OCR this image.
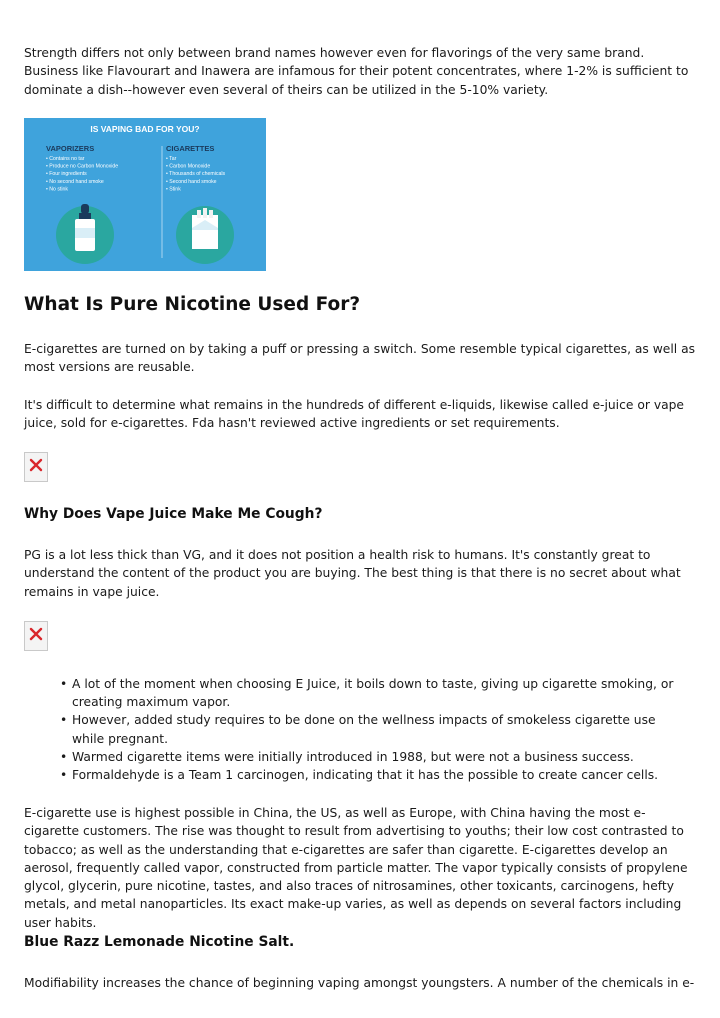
Strength differs not only between brand names however even for flavorings of the very same brand. Business like Flavourart and Inawera are infamous for their potent concentrates, where 1-2% is sufficient to dominate a dish--however even several of theirs can be utilized in the 5-10% variety.

IS VAPING BAD FOR YOU?
VAPORIZERS	CIGARETTES
• Contains no tar
• Produce no Carbon Monoxide
• Four ingredients
• No second hand smoke
• No stink
• Tar
• Carbon Monoxide
• Thousands of chemicals
• Second hand smoke
• Stink
What Is Pure Nicotine Used For?

E-cigarettes are turned on by taking a puff or pressing a switch. Some resemble typical cigarettes, as well as most versions are reusable.

It's difficult to determine what remains in the hundreds of different e-liquids, likewise called e-juice or vape juice, sold for e-cigarettes. Fda hasn't reviewed active ingredients or set requirements.

Why Does Vape Juice Make Me Cough?

PG is a lot less thick than VG, and it does not position a health risk to humans. It's constantly great to understand the content of the product you are buying. The best thing is that there is no secret about what remains in vape juice.

• A lot of the moment when choosing E Juice, it boils down to taste, giving up cigarette smoking, or creating maximum vapor.
• However, added study requires to be done on the wellness impacts of smokeless cigarette use while pregnant.
• Warmed cigarette items were initially introduced in 1988, but were not a business success.
• Formaldehyde is a Team 1 carcinogen, indicating that it has the possible to create cancer cells.

E-cigarette use is highest possible in China, the US, as well as Europe, with China having the most e-cigarette customers. The rise was thought to result from advertising to youths; their low cost contrasted to tobacco; as well as the understanding that e-cigarettes are safer than cigarette. E-cigarettes develop an aerosol, frequently called vapor, constructed from particle matter. The vapor typically consists of propylene glycol, glycerin, pure nicotine, tastes, and also traces of nitrosamines, other toxicants, carcinogens, hefty metals, and metal nanoparticles. Its exact make-up varies, as well as depends on several factors including user habits.

Blue Razz Lemonade Nicotine Salt.

Modifiability increases the chance of beginning vaping amongst youngsters. A number of the chemicals in e-
